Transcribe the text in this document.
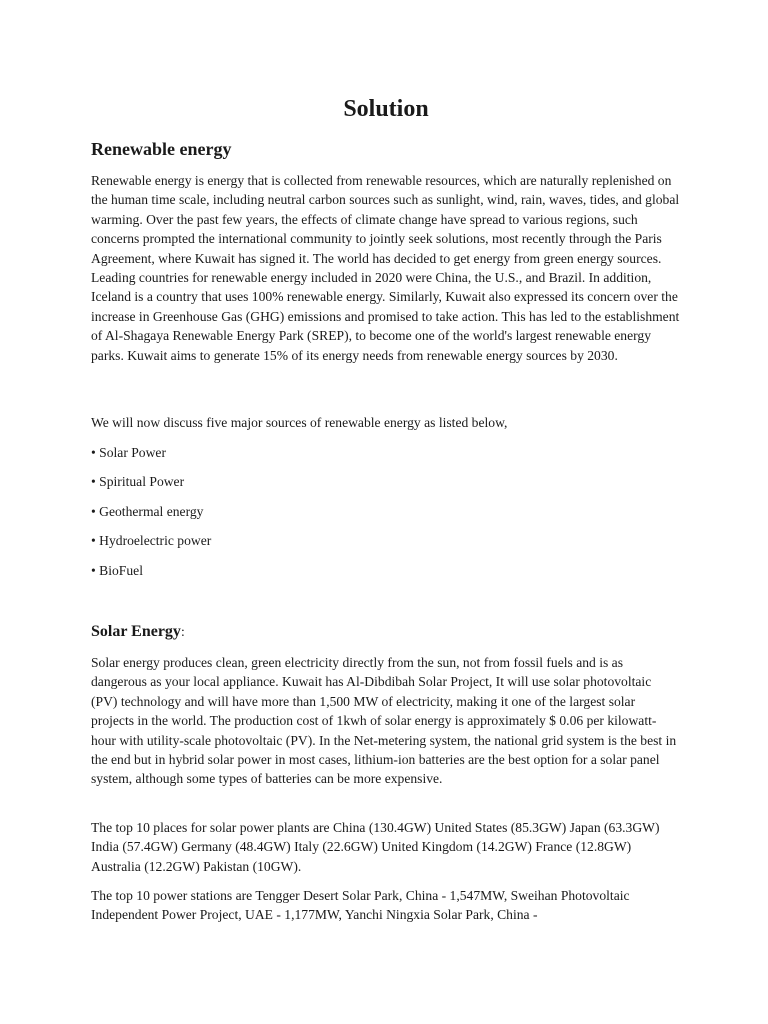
Solution
Renewable energy

Renewable energy is energy that is collected from renewable resources, which are naturally replenished on the human time scale, including neutral carbon sources such as sunlight, wind, rain, waves, tides, and global warming. Over the past few years, the effects of climate change have spread to various regions, such concerns prompted the international community to jointly seek solutions, most recently through the Paris Agreement, where Kuwait has signed it. The world has decided to get energy from green energy sources. Leading countries for renewable energy included in 2020 were China, the U.S., and Brazil. In addition, Iceland is a country that uses 100% renewable energy. Similarly, Kuwait also expressed its concern over the increase in Greenhouse Gas (GHG) emissions and promised to take action. This has led to the establishment of Al-Shagaya Renewable Energy Park (SREP), to become one of the world's largest renewable energy parks. Kuwait aims to generate 15% of its energy needs from renewable energy sources by 2030.

We will now discuss five major sources of renewable energy as listed below,

• Solar Power

• Spiritual Power

• Geothermal energy

• Hydroelectric power

• BioFuel

Solar Energy:

Solar energy produces clean, green electricity directly from the sun, not from fossil fuels and is as dangerous as your local appliance. Kuwait has Al-Dibdibah Solar Project, It will use solar photovoltaic (PV) technology and will have more than 1,500 MW of electricity, making it one of the largest solar projects in the world. The production cost of 1kwh of solar energy is approximately $ 0.06 per kilowatt-hour with utility-scale photovoltaic (PV). In the Net-metering system, the national grid system is the best in the end but in hybrid solar power in most cases, lithium-ion batteries are the best option for a solar panel system, although some types of batteries can be more expensive.

The top 10 places for solar power plants are China (130.4GW) United States (85.3GW) Japan (63.3GW) India (57.4GW) Germany (48.4GW) Italy (22.6GW) United Kingdom (14.2GW) France (12.8GW) Australia (12.2GW) Pakistan (10GW).

The top 10 power stations are Tengger Desert Solar Park, China - 1,547MW, Sweihan Photovoltaic Independent Power Project, UAE - 1,177MW, Yanchi Ningxia Solar Park, China -
